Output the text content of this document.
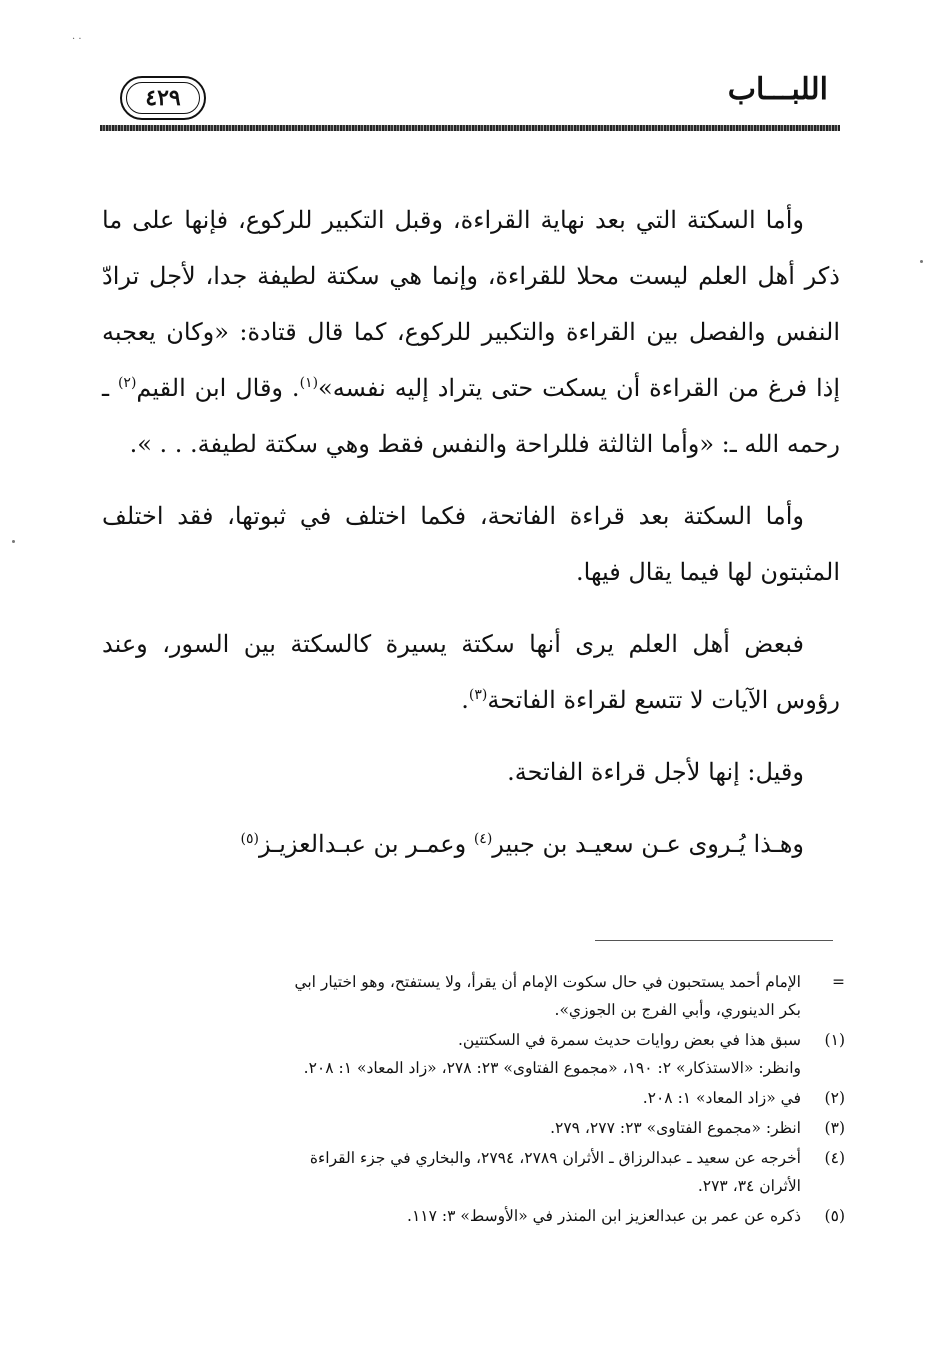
· ·
اللبـــاب
٤٢٩

وأما السكتة التي بعد نهاية القراءة، وقبل التكبير للركوع، فإنها على ما ذكر أهل العلم ليست محلا للقراءة، وإنما هي سكتة لطيفة جدا، لأجل ترادّ النفس والفصل بين القراءة والتكبير للركوع، كما قال قتادة: «وكان يعجبه إذا فرغ من القراءة أن يسكت حتى يتراد إليه نفسه»$^{(١)}$. وقال ابن القيم$^{(٢)}$ ـ رحمه الله ـ: «وأما الثالثة فللراحة والنفس فقط وهي سكتة لطيفة. . . ».

وأما السكتة بعد قراءة الفاتحة، فكما اختلف في ثبوتها، فقد اختلف المثبتون لها فيما يقال فيها.

فبعض أهل العلم يرى أنها سكتة يسيرة كالسكتة بين السور، وعند رؤوس الآيات لا تتسع لقراءة الفاتحة$^{(٣)}$.

وقيل: إنها لأجل قراءة الفاتحة.

وهـذا يُـروى عـن سعيـد بن جبير$^{(٤)}$ وعمـر بن عبـدالعزيـز$^{(٥)}$

=
الإمام أحمد يستحبون في حال سكوت الإمام أن يقرأ، ولا يستفتح، وهو اختيار ابي
بكر الدينوري، وأبي الفرج بن الجوزي».
(١)
سبق هذا في بعض روايات حديث سمرة في السكتتين.
وانظر: «الاستذكار» ٢: ١٩٠، «مجموع الفتاوى» ٢٣: ٢٧٨، «زاد المعاد» ١: ٢٠٨.
(٢)
في «زاد المعاد» ١: ٢٠٨.
(٣)
انظر: «مجموع الفتاوى» ٢٣: ٢٧٧، ٢٧٩.
(٤)
أخرجه عن سعيد ـ عبدالرزاق ـ الأثران ٢٧٨٩، ٢٧٩٤، والبخاري في جزء القراءة
الأثران ٣٤، ٢٧٣.
(٥)
ذكره عن عمر بن عبدالعزيز ابن المنذر في «الأوسط» ٣: ١١٧.
